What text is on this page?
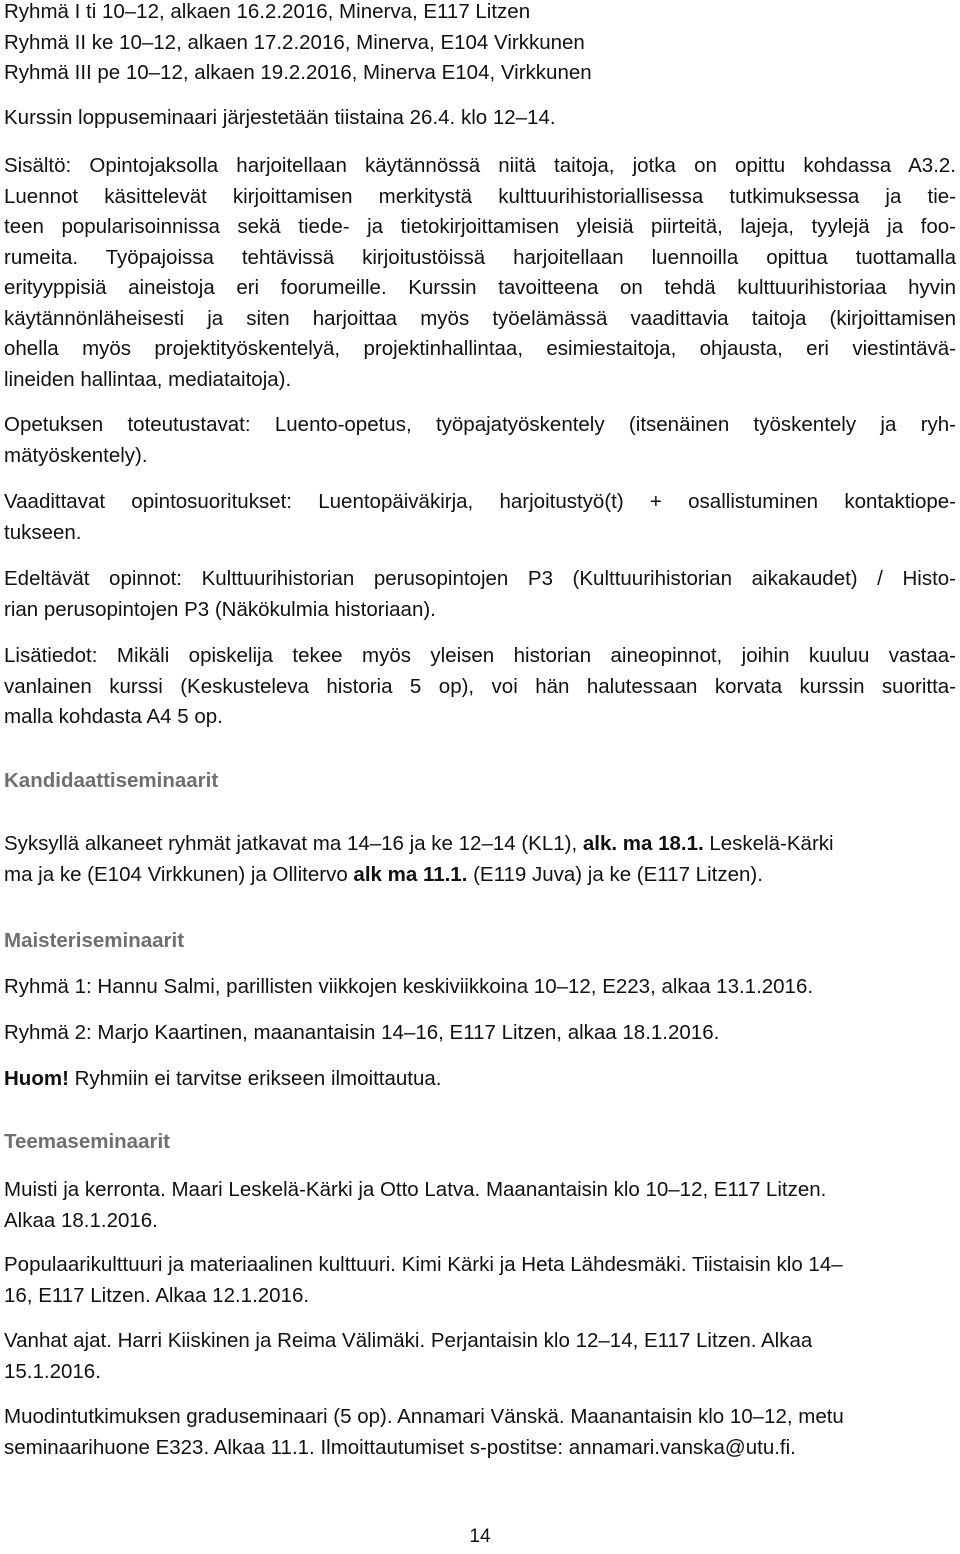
Ryhmä I ti 10–12, alkaen 16.2.2016, Minerva, E117 Litzen
Ryhmä II ke 10–12, alkaen 17.2.2016, Minerva, E104 Virkkunen
Ryhmä III pe 10–12, alkaen 19.2.2016, Minerva E104, Virkkunen
Kurssin loppuseminaari järjestetään tiistaina 26.4. klo 12–14.
Sisältö: Opintojaksolla harjoitellaan käytännössä niitä taitoja, jotka on opittu kohdassa A3.2.
Luennot käsittelevät kirjoittamisen merkitystä kulttuurihistoriallisessa tutkimuksessa ja tie-
teen popularisoinnissa sekä tiede- ja tietokirjoittamisen yleisiä piirteitä, lajeja, tyylejä ja foo-
rumeita. Työpajoissa tehtävissä kirjoitustöissä harjoitellaan luennoilla opittua tuottamalla
erityyppisiä aineistoja eri foorumeille. Kurssin tavoitteena on tehdä kulttuurihistoriaa hyvin
käytännönläheisesti ja siten harjoittaa myös työelämässä vaadittavia taitoja (kirjoittamisen
ohella myös projektityöskentelyä, projektinhallintaa, esimiestaitoja, ohjausta, eri viestintävä-
lineiden hallintaa, mediataitoja).
Opetuksen toteutustavat: Luento-opetus, työpajatyöskentely (itsenäinen työskentely ja ryh-
mätyöskentely).
Vaadittavat opintosuoritukset: Luentopäiväkirja, harjoitustyö(t) + osallistuminen kontaktiope-
tukseen.
Edeltävät opinnot: Kulttuurihistorian perusopintojen P3 (Kulttuurihistorian aikakaudet) / Histo-
rian perusopintojen P3 (Näkökulmia historiaan).
Lisätiedot: Mikäli opiskelija tekee myös yleisen historian aineopinnot, joihin kuuluu vastaa-
vanlainen kurssi (Keskusteleva historia 5 op), voi hän halutessaan korvata kurssin suoritta-
malla kohdasta A4 5 op.
Kandidaattiseminaarit
Syksyllä alkaneet ryhmät jatkavat ma 14–16 ja ke 12–14 (KL1), alk. ma 18.1. Leskelä-Kärki
ma ja ke (E104 Virkkunen) ja Ollitervo alk ma 11.1. (E119 Juva) ja ke (E117 Litzen).
Maisteriseminaarit
Ryhmä 1: Hannu Salmi, parillisten viikkojen keskiviikkoina 10–12, E223, alkaa 13.1.2016.
Ryhmä 2: Marjo Kaartinen, maanantaisin 14–16, E117 Litzen, alkaa 18.1.2016.
Huom! Ryhmiin ei tarvitse erikseen ilmoittautua.
Teemaseminaarit
Muisti ja kerronta. Maari Leskelä-Kärki ja Otto Latva. Maanantaisin klo 10–12, E117 Litzen.
Alkaa 18.1.2016.
Populaarikulttuuri ja materiaalinen kulttuuri. Kimi Kärki ja Heta Lähdesmäki. Tiistaisin klo 14–
16, E117 Litzen. Alkaa 12.1.2016.
Vanhat ajat. Harri Kiiskinen ja Reima Välimäki. Perjantaisin klo 12–14, E117 Litzen. Alkaa
15.1.2016.
Muodintutkimuksen graduseminaari (5 op). Annamari Vänskä. Maanantaisin klo 10–12, metu
seminaarihuone E323. Alkaa 11.1. Ilmoittautumiset s-postitse: annamari.vanska@utu.fi.
14
